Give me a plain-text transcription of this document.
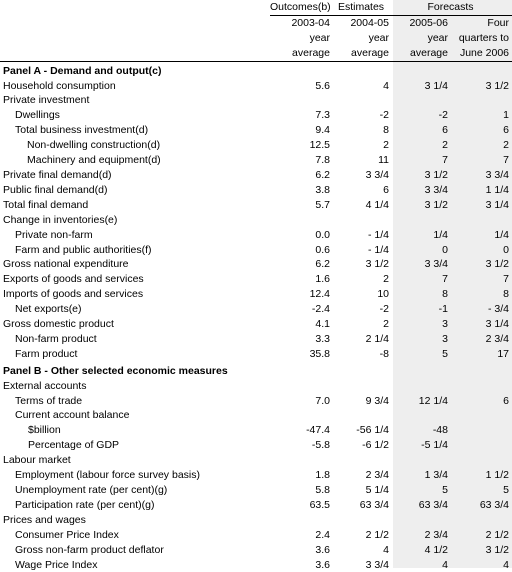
	Outcomes(b)	Estimates	Forecasts	
	2003-04	2004-05	2005-06	Four
	year	year	year	quarters to
	average	average	average	June 2006
Panel A - Demand and output(c)				
Household consumption	5.6	4	3 1/4	3 1/2
Private investment				
Dwellings	7.3	-2	-2	1
Total business investment(d)	9.4	8	6	6
Non-dwelling construction(d)	12.5	2	2	2
Machinery and equipment(d)	7.8	11	7	7
Private final demand(d)	6.2	3 3/4	3 1/2	3 3/4
Public final demand(d)	3.8	6	3 3/4	1 1/4
Total final demand	5.7	4 1/4	3 1/2	3 1/4
Change in inventories(e)				
Private non-farm	0.0	- 1/4	1/4	1/4
Farm and public authorities(f)	0.6	- 1/4	0	0
Gross national expenditure	6.2	3 1/2	3 3/4	3 1/2
Exports of goods and services	1.6	2	7	7
Imports of goods and services	12.4	10	8	8
Net exports(e)	-2.4	-2	-1	- 3/4
Gross domestic product	4.1	2	3	3 1/4
Non-farm product	3.3	2 1/4	3	2 3/4
Farm product	35.8	-8	5	17
Panel B - Other selected economic measures				
External accounts				
Terms of trade	7.0	9 3/4	12 1/4	6
Current account balance				
$billion	-47.4	-56 1/4	-48	
Percentage of GDP	-5.8	-6 1/2	-5 1/4	
Labour market				
Employment (labour force survey basis)	1.8	2 3/4	1 3/4	1 1/2
Unemployment rate (per cent)(g)	5.8	5 1/4	5	5
Participation rate (per cent)(g)	63.5	63 3/4	63 3/4	63 3/4
Prices and wages				
Consumer Price Index	2.4	2 1/2	2 3/4	2 1/2
Gross non-farm product deflator	3.6	4	4 1/2	3 1/2
Wage Price Index	3.6	3 3/4	4	4
